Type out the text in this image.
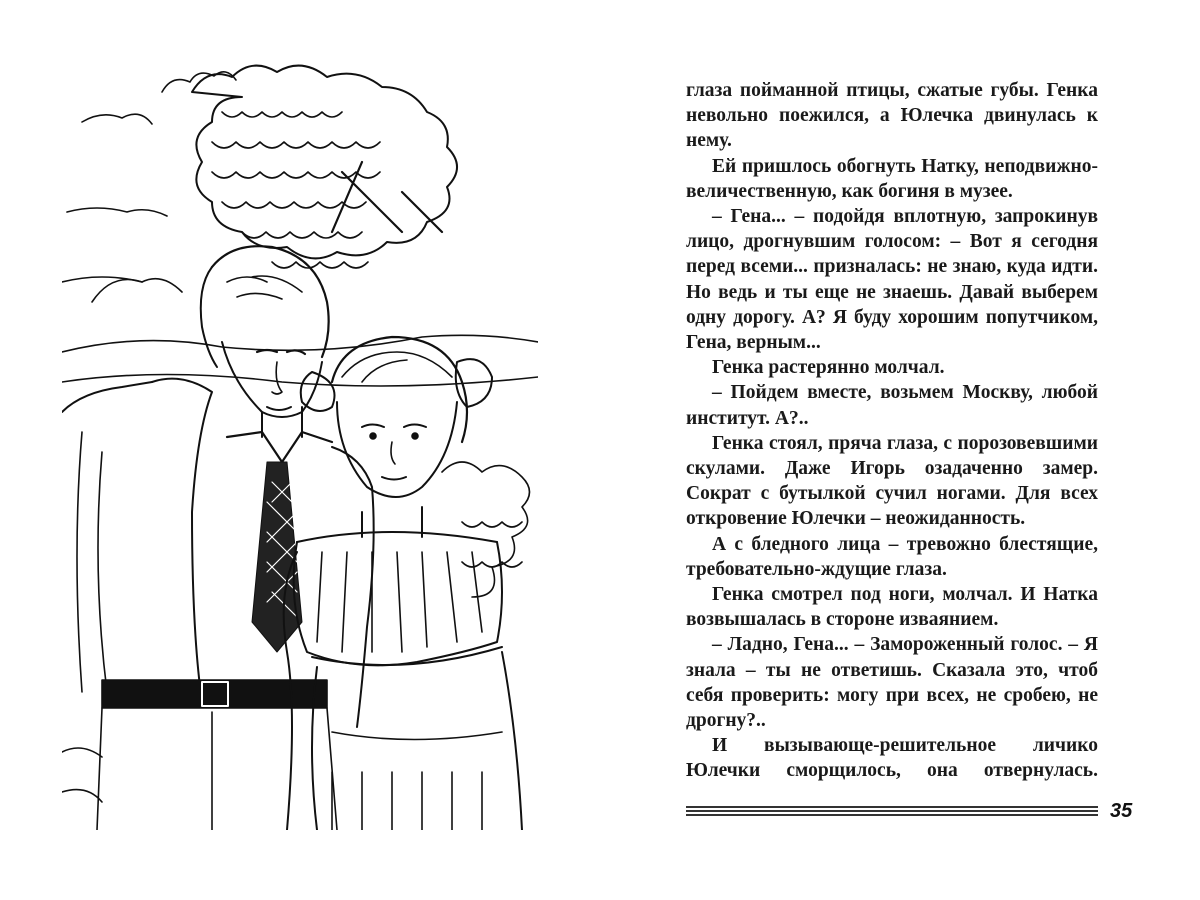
глаза пойманной птицы, сжатые губы. Генка невольно поежился, а Юлечка двинулась к нему.

Ей пришлось обогнуть Натку, неподвижно-величественную, как богиня в музее.

– Гена... – подойдя вплотную, запрокинув лицо, дрогнувшим голосом: – Вот я сегодня перед всеми... призналась: не знаю, куда идти. Но ведь и ты еще не знаешь. Давай выберем одну дорогу. А? Я буду хорошим попутчиком, Гена, верным...

Генка растерянно молчал.

– Пойдем вместе, возьмем Москву, любой институт. А?..

Генка стоял, пряча глаза, с порозовевшими скулами. Даже Игорь озадаченно замер. Сократ с бутылкой сучил ногами. Для всех откровение Юлечки – неожиданность.

А с бледного лица – тревожно блестящие, требовательно-ждущие глаза.

Генка смотрел под ноги, молчал. И Натка возвышалась в стороне изваянием.

– Ладно, Гена... – Замороженный голос. – Я знала – ты не ответишь. Сказала это, чтоб себя проверить: могу при всех, не сробею, не дрогну?..

И вызывающе-решительное личико Юлечки сморщилось, она отвернулась.

35
